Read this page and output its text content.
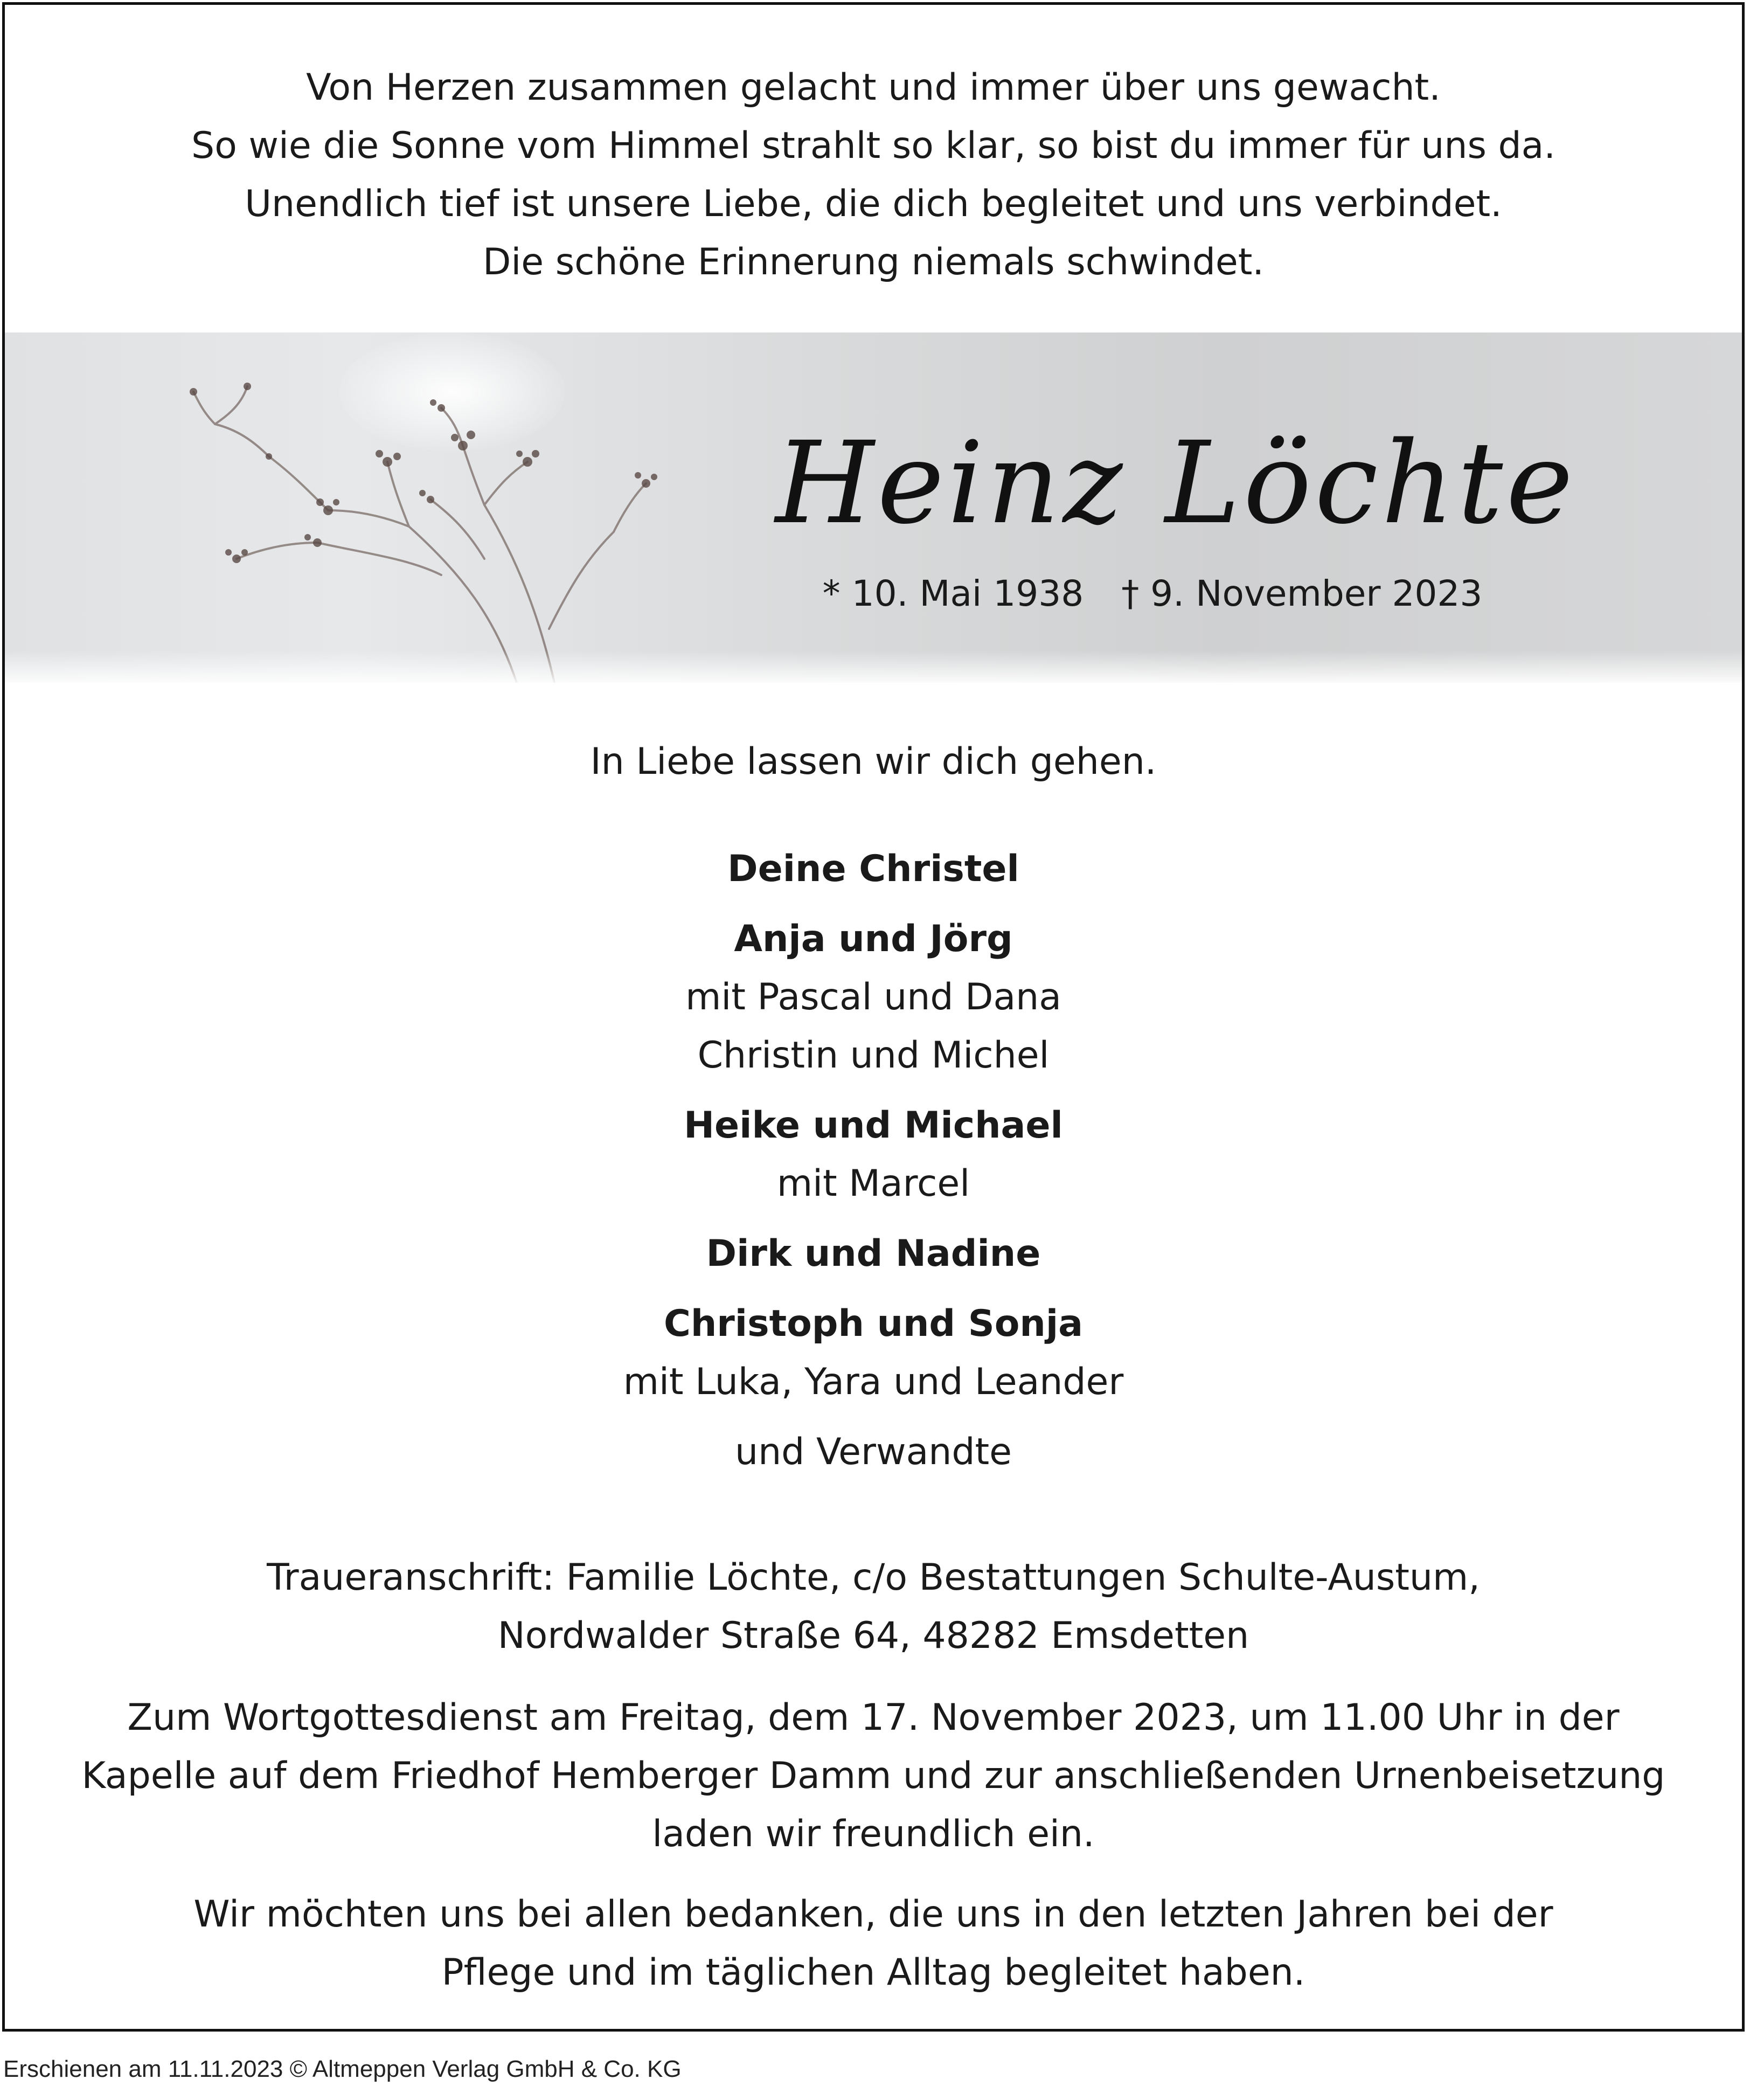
Von Herzen zusammen gelacht und immer über uns gewacht.
So wie die Sonne vom Himmel strahlt so klar, so bist du immer für uns da.
Unendlich tief ist unsere Liebe, die dich begleitet und uns verbindet.
Die schöne Erinnerung niemals schwindet.
Heinz Löchte
* 10. Mai 1938 † 9. November 2023
In Liebe lassen wir dich gehen.
Deine Christel
Anja und Jörg
mit Pascal und Dana
Christin und Michel
Heike und Michael
mit Marcel
Dirk und Nadine
Christoph und Sonja
mit Luka, Yara und Leander
und Verwandte
Traueranschrift: Familie Löchte, c/o Bestattungen Schulte-Austum,
Nordwalder Straße 64, 48282 Emsdetten
Zum Wortgottesdienst am Freitag, dem 17. November 2023, um 11.00 Uhr in der
Kapelle auf dem Friedhof Hemberger Damm und zur anschließenden Urnenbeisetzung
laden wir freundlich ein.
Wir möchten uns bei allen bedanken, die uns in den letzten Jahren bei der
Pflege und im täglichen Alltag begleitet haben.
Erschienen am 11.11.2023 © Altmeppen Verlag GmbH & Co. KG
